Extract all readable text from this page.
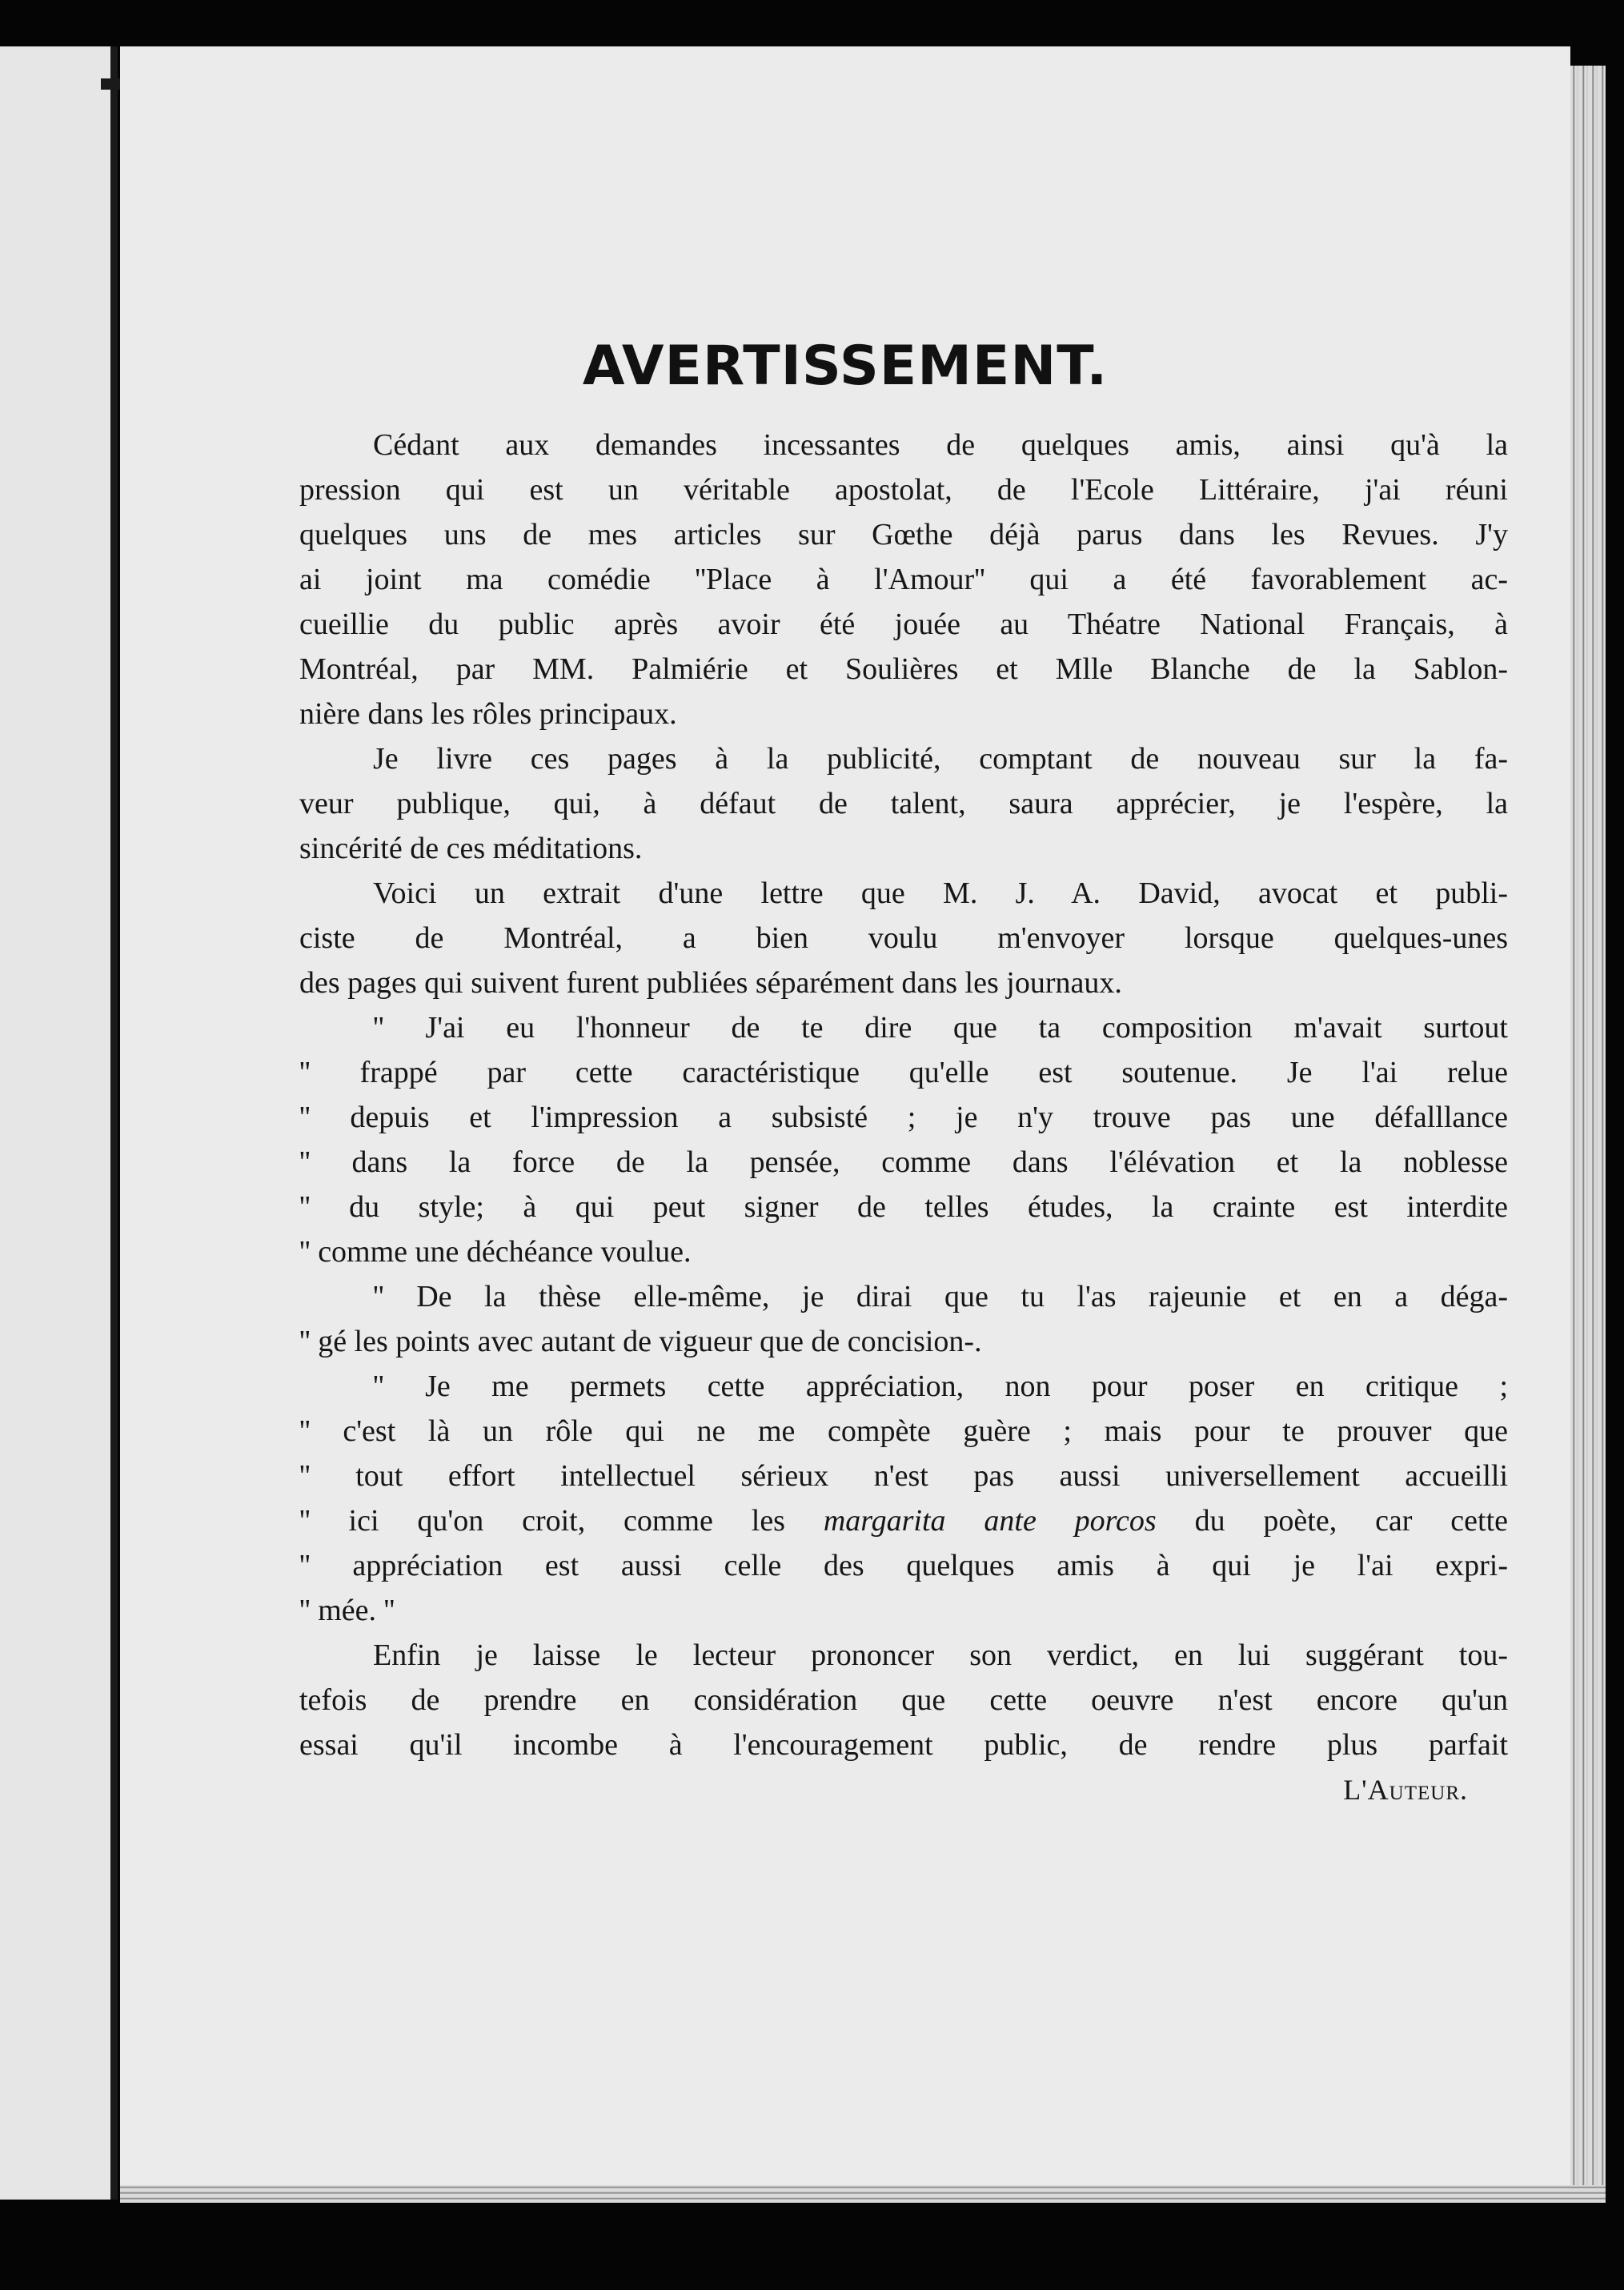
AVERTISSEMENT.
Cédant aux demandes incessantes de quelques amis, ainsi qu'à la
pression qui est un véritable apostolat, de l'Ecole Littéraire, j'ai réuni
quelques uns de mes articles sur Gœthe déjà parus dans les Revues. J'y
ai joint ma comédie ''Place à l'Amour'' qui a été favorablement ac-
cueillie du public après avoir été jouée au Théatre National Français, à
Montréal, par MM. Palmiérie et Soulières et Mlle Blanche de la Sablon-
nière dans les rôles principaux.
Je livre ces pages à la publicité, comptant de nouveau sur la fa-
veur publique, qui, à défaut de talent, saura apprécier, je l'espère, la
sincérité de ces méditations.
Voici un extrait d'une lettre que M. J. A. David, avocat et publi-
ciste de Montréal, a bien voulu m'envoyer lorsque quelques-unes
des pages qui suivent furent publiées séparément dans les journaux.
'' J'ai eu l'honneur de te dire que ta composition m'avait surtout
'' frappé par cette caractéristique qu'elle est soutenue. Je l'ai relue
'' depuis et l'impression a subsisté ; je n'y trouve pas une défalllance
'' dans la force de la pensée, comme dans l'élévation et la noblesse
'' du style; à qui peut signer de telles études, la crainte est interdite
'' comme une déchéance voulue.
'' De la thèse elle-même, je dirai que tu l'as rajeunie et en a déga-
'' gé les points avec autant de vigueur que de concision-.
'' Je me permets cette appréciation, non pour poser en critique ;
'' c'est là un rôle qui ne me compète guère ; mais pour te prouver que
'' tout effort intellectuel sérieux n'est pas aussi universellement accueilli
'' ici qu'on croit, comme les margarita ante porcos du poète, car cette
'' appréciation est aussi celle des quelques amis à qui je l'ai expri-
'' mée. ''
Enfin je laisse le lecteur prononcer son verdict, en lui suggérant tou-
tefois de prendre en considération que cette oeuvre n'est encore qu'un
essai qu'il incombe à l'encouragement public, de rendre plus parfait
L'Auteur.
